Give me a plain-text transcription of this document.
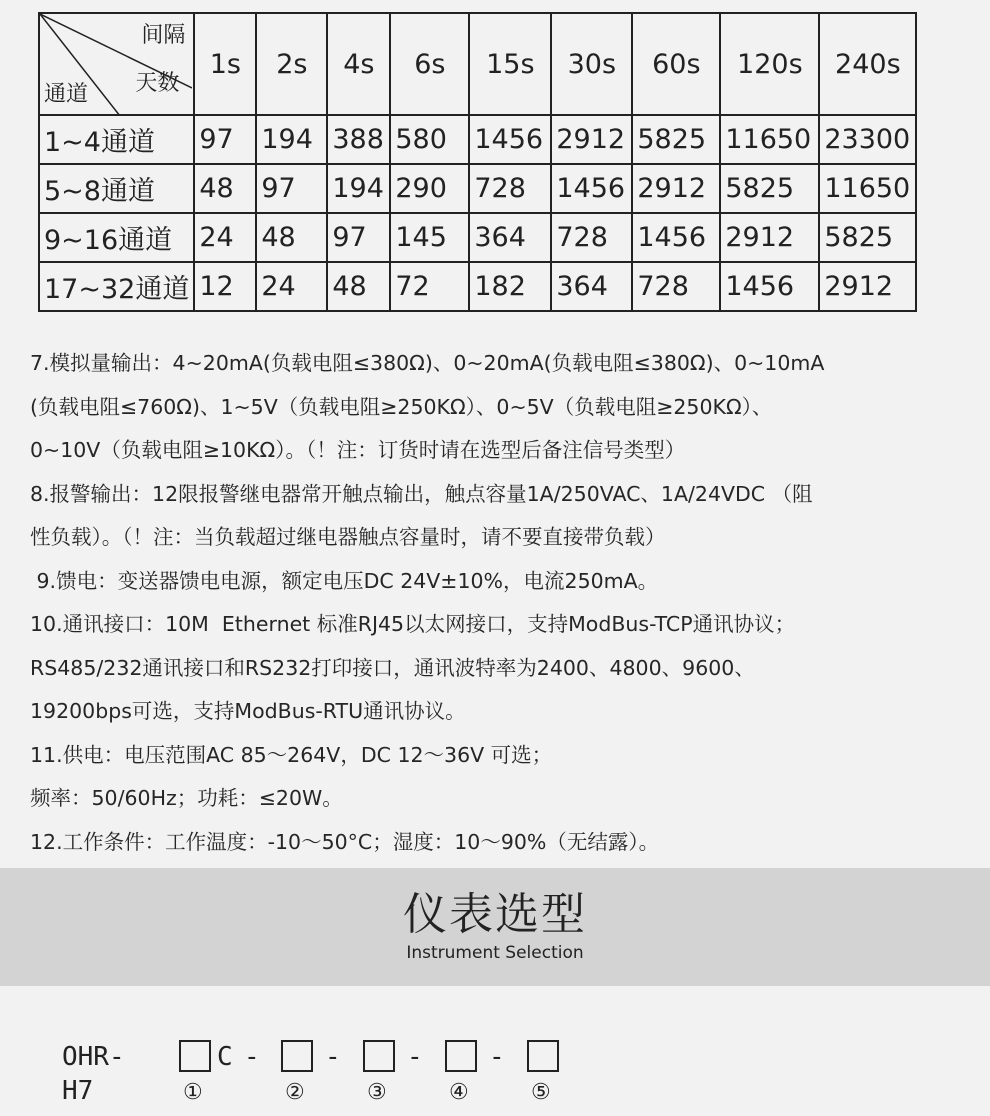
间隔
天数
通道	1s	2s	4s	6s	15s	30s	60s	120s	240s
1~4通道	97	194	388	580	1456	2912	5825	11650	23300
5~8通道	48	97	194	290	728	1456	2912	5825	11650
9~16通道	24	48	97	145	364	728	1456	2912	5825
17~32通道	12	24	48	72	182	364	728	1456	2912

7.模拟量输出：4~20mA(负载电阻≤380Ω)、0~20mA(负载电阻≤380Ω)、0~10mA

(负载电阻≤760Ω)、1~5V（负载电阻≥250KΩ）、0~5V（负载电阻≥250KΩ）、

0~10V（负载电阻≥10KΩ）。（！注：订货时请在选型后备注信号类型）

8.报警输出：12限报警继电器常开触点输出，触点容量1A/250VAC、1A/24VDC （阻

性负载）。（！注：当负载超过继电器触点容量时，请不要直接带负载）

9.馈电：变送器馈电电源，额定电压DC 24V±10%，电流250mA。

10.通讯接口：10M  Ethernet 标准RJ45以太网接口，支持ModBus-TCP通讯协议；

RS485/232通讯接口和RS232打印接口，通讯波特率为2400、4800、9600、

19200bps可选，支持ModBus-RTU通讯协议。

11.供电：电压范围AC 85～264V，DC 12～36V 可选；

频率：50/60Hz；功耗：≤20W。

12.工作条件：工作温度：-10～50°C；湿度：10～90%（无结露）。

仪表选型
Instrument Selection
OHR-H7
C -	-	-	-
①	②	③	④	⑤
